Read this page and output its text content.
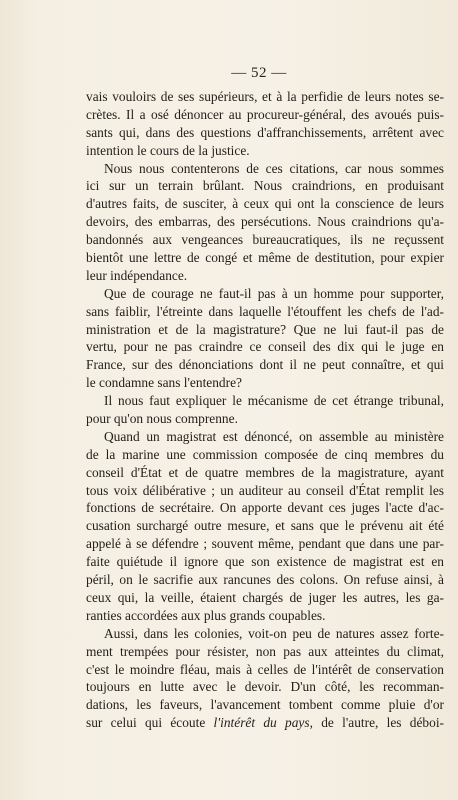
— 52 —
vais vouloirs de ses supérieurs, et à la perfidie de leurs notes se-
crètes. Il a osé dénoncer au procureur-général, des avoués puis-
sants qui, dans des questions d'affranchissements, arrêtent avec
intention le cours de la justice.
Nous nous contenterons de ces citations, car nous sommes
ici sur un terrain brûlant. Nous craindrions, en produisant
d'autres faits, de susciter, à ceux qui ont la conscience de leurs
devoirs, des embarras, des persécutions. Nous craindrions qu'a-
bandonnés aux vengeances bureaucratiques, ils ne reçussent
bientôt une lettre de congé et même de destitution, pour expier
leur indépendance.
Que de courage ne faut-il pas à un homme pour supporter,
sans faiblir, l'étreinte dans laquelle l'étouffent les chefs de l'ad-
ministration et de la magistrature? Que ne lui faut-il pas de
vertu, pour ne pas craindre ce conseil des dix qui le juge en
France, sur des dénonciations dont il ne peut connaître, et qui
le condamne sans l'entendre?
Il nous faut expliquer le mécanisme de cet étrange tribunal,
pour qu'on nous comprenne.
Quand un magistrat est dénoncé, on assemble au ministère
de la marine une commission composée de cinq membres du
conseil d'État et de quatre membres de la magistrature, ayant
tous voix délibérative ; un auditeur au conseil d'État remplit les
fonctions de secrétaire. On apporte devant ces juges l'acte d'ac-
cusation surchargé outre mesure, et sans que le prévenu ait été
appelé à se défendre ; souvent même, pendant que dans une par-
faite quiétude il ignore que son existence de magistrat est en
péril, on le sacrifie aux rancunes des colons. On refuse ainsi, à
ceux qui, la veille, étaient chargés de juger les autres, les ga-
ranties accordées aux plus grands coupables.
Aussi, dans les colonies, voit-on peu de natures assez forte-
ment trempées pour résister, non pas aux atteintes du climat,
c'est le moindre fléau, mais à celles de l'intérêt de conservation
toujours en lutte avec le devoir. D'un côté, les recomman-
dations, les faveurs, l'avancement tombent comme pluie d'or
sur celui qui écoute l'intérêt du pays, de l'autre, les déboi-
